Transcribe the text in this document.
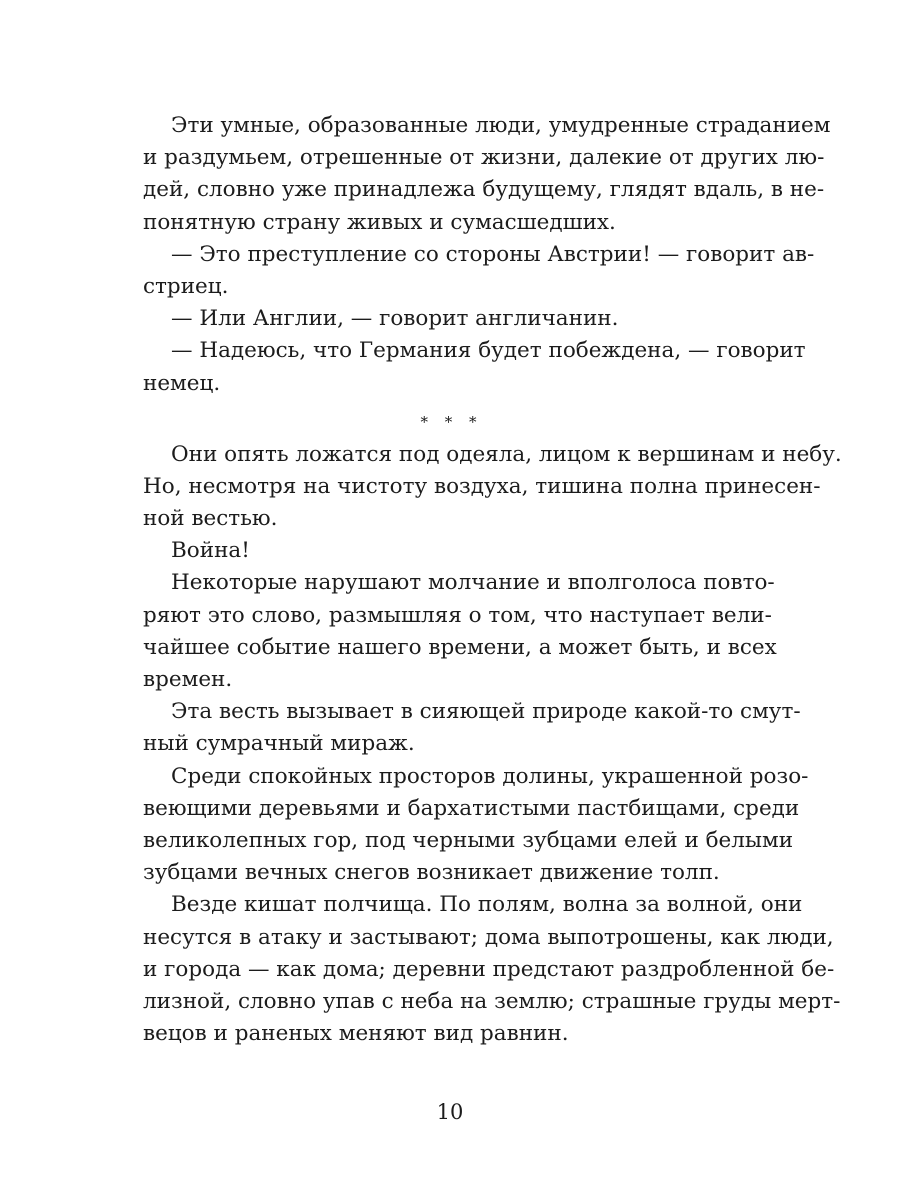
Эти умные, образованные люди, умудренные страданием
и раздумьем, отрешенные от жизни, далекие от других лю-
дей, словно уже принадлежа будущему, глядят вдаль, в не-
понятную страну живых и сумасшедших.
— Это преступление со стороны Австрии! — говорит ав-
стриец.
— Или Англии, — говорит англичанин.
— Надеюсь, что Германия будет побеждена, — говорит
немец.
* * *
Они опять ложатся под одеяла, лицом к вершинам и небу.
Но, несмотря на чистоту воздуха, тишина полна принесен-
ной вестью.
Война!
Некоторые нарушают молчание и вполголоса повто-
ряют это слово, размышляя о том, что наступает вели-
чайшее событие нашего времени, а может быть, и всех
времен.
Эта весть вызывает в сияющей природе какой-то смут-
ный сумрачный мираж.
Среди спокойных просторов долины, украшенной розо-
веющими деревьями и бархатистыми пастбищами, среди
великолепных гор, под черными зубцами елей и белыми
зубцами вечных снегов возникает движение толп.
Везде кишат полчища. По полям, волна за волной, они
несутся в атаку и застывают; дома выпотрошены, как люди,
и города — как дома; деревни предстают раздробленной бе-
лизной, словно упав с неба на землю; страшные груды мерт-
вецов и раненых меняют вид равнин.
10
